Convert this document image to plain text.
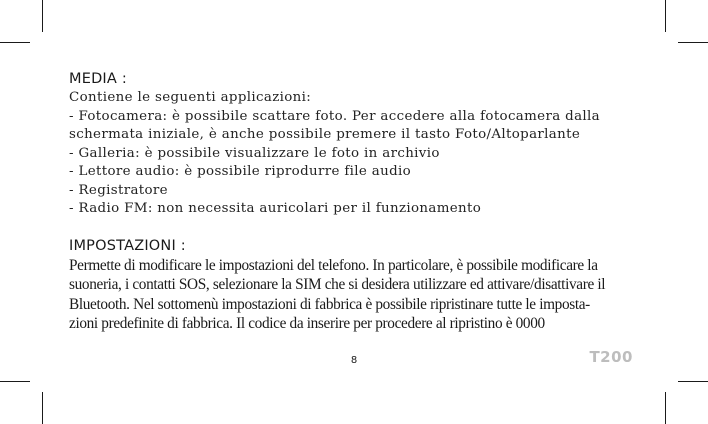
MEDIA :

Contiene le seguenti applicazioni:

- Fotocamera: è possibile scattare foto. Per accedere alla fotocamera dalla

schermata iniziale, è anche possibile premere il tasto Foto/Altoparlante

- Galleria: è possibile visualizzare le foto in archivio

- Lettore audio: è possibile riprodurre file audio

- Registratore

- Radio FM: non necessita auricolari per il funzionamento

IMPOSTAZIONI :

Permette di modificare le impostazioni del telefono. In particolare, è possibile modificare la

suoneria, i contatti SOS, selezionare la SIM che si desidera utilizzare ed attivare/disattivare il

Bluetooth. Nel sottomenù impostazioni di fabbrica è possibile ripristinare tutte le imposta-

zioni predefinite di fabbrica. Il codice da inserire per procedere al ripristino è 0000

8	T200
